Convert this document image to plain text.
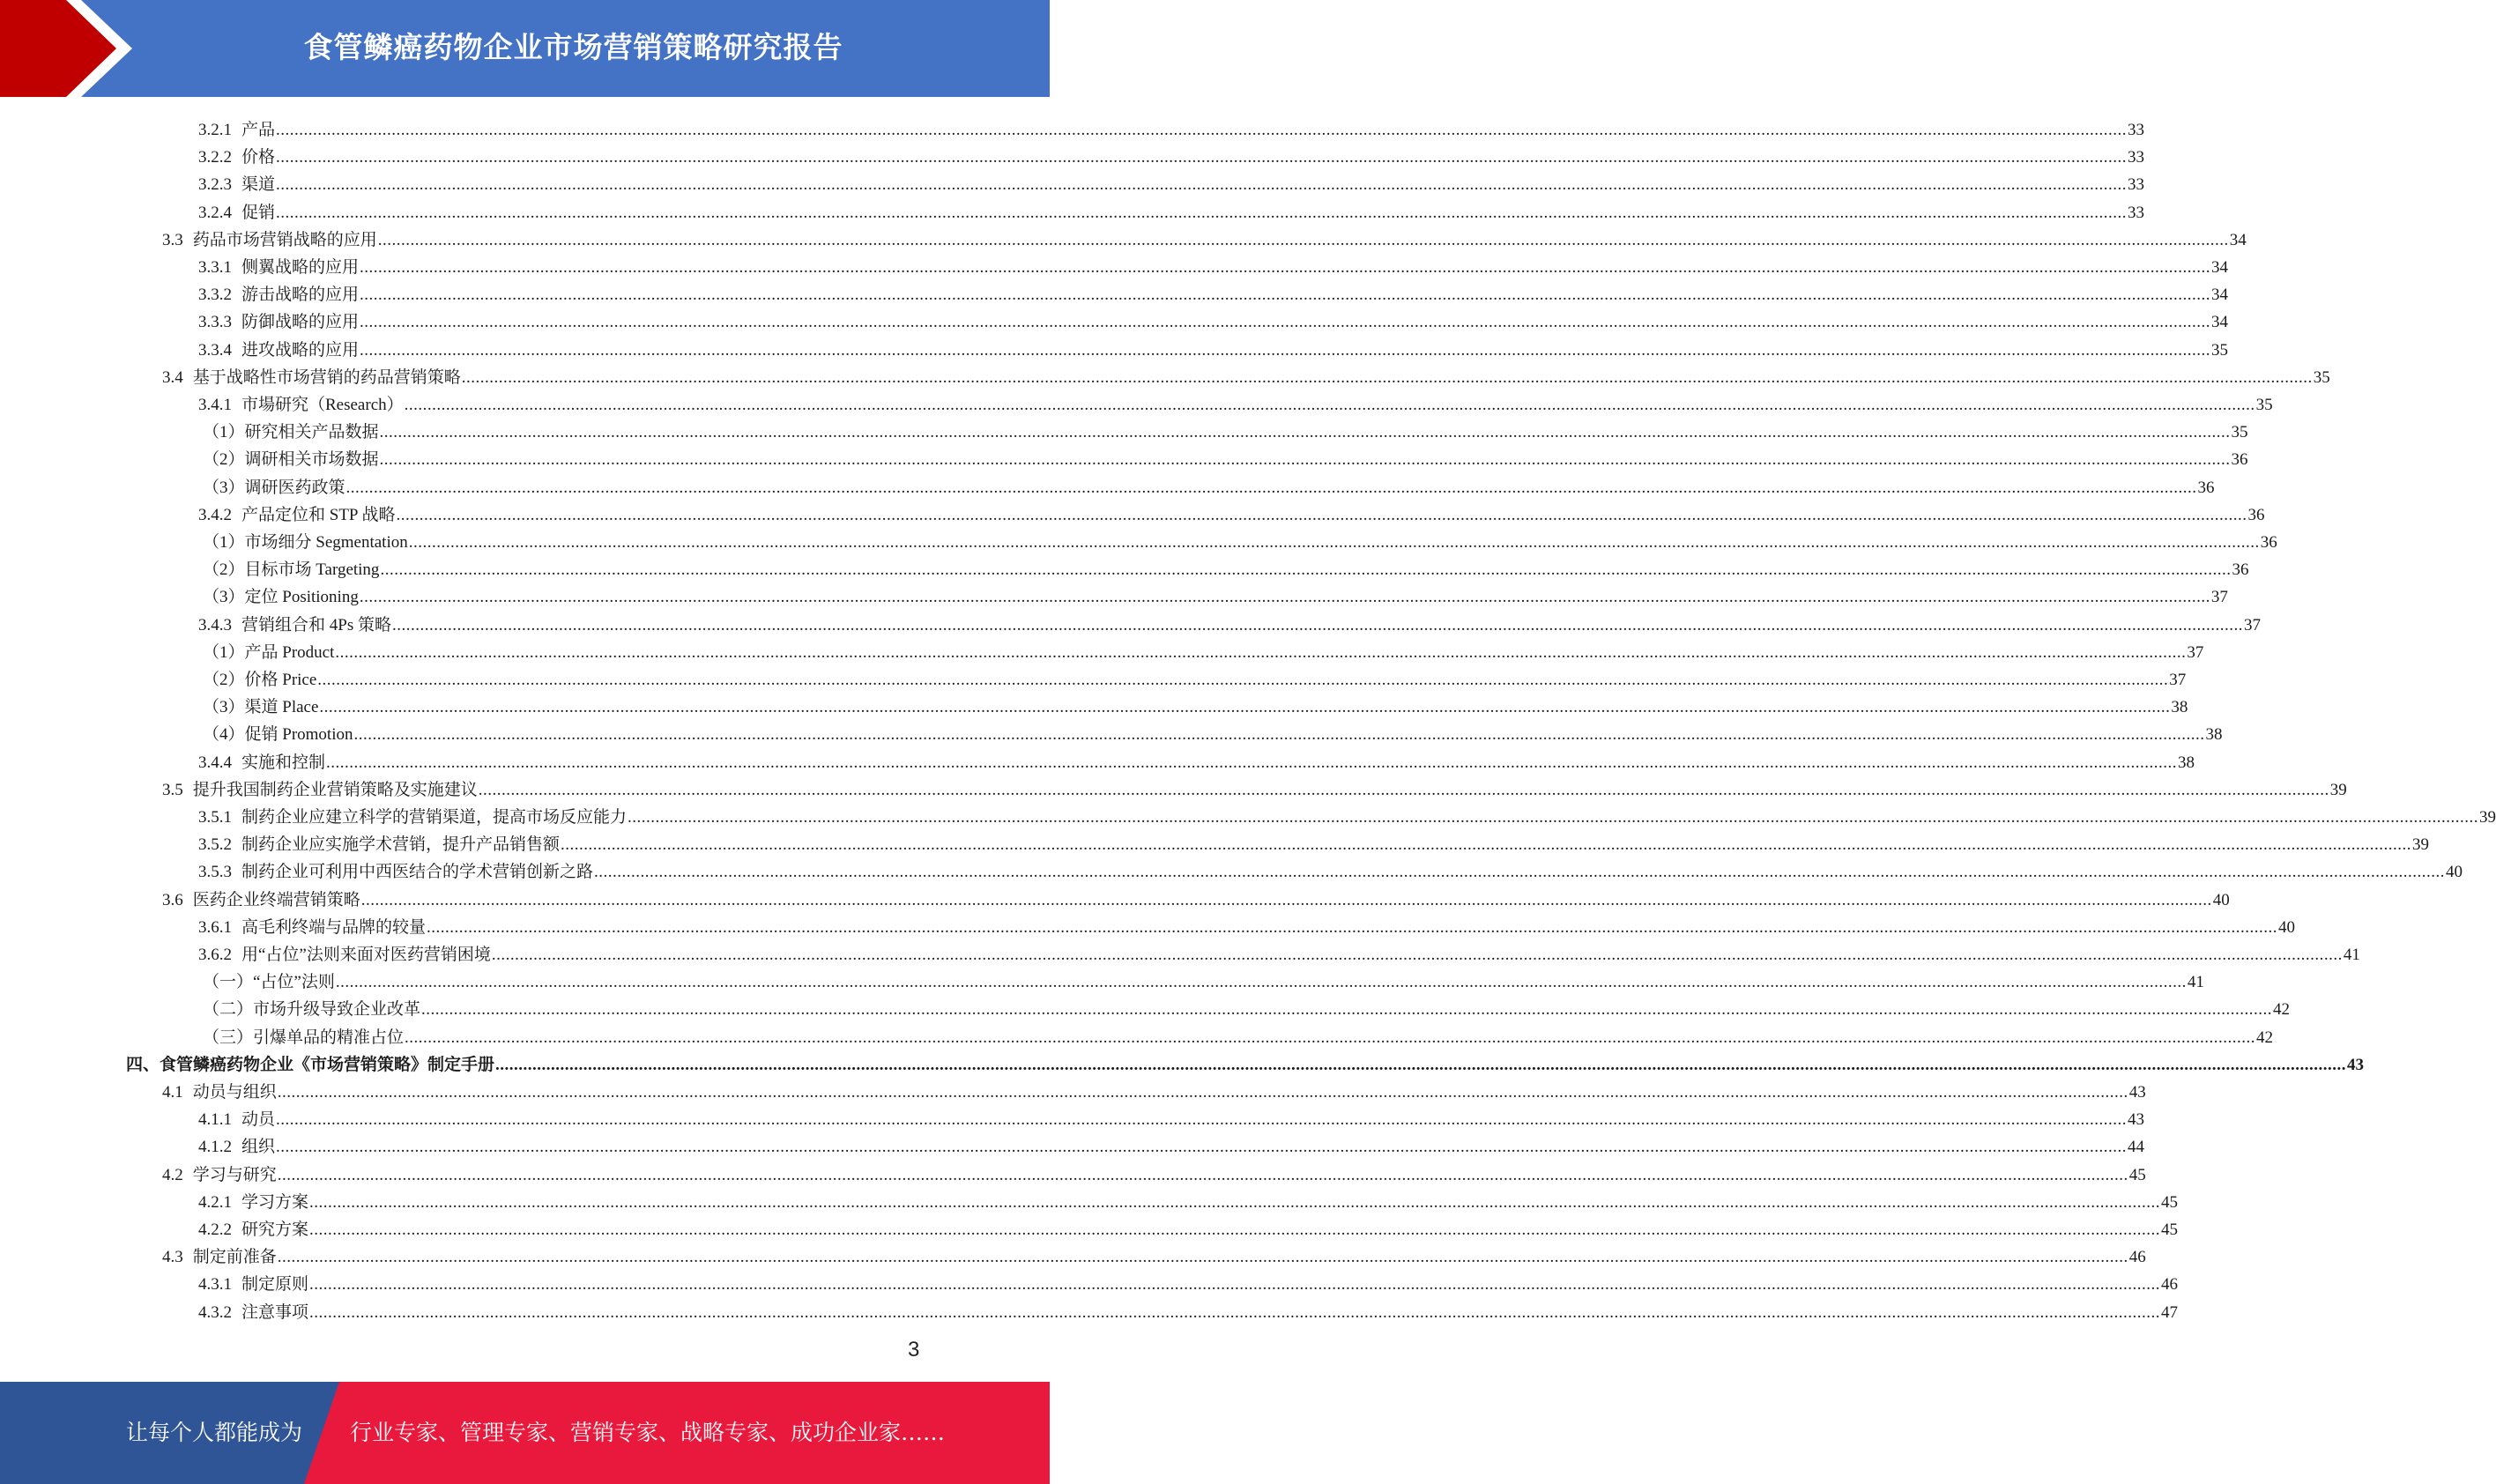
食管鳞癌药物企业市场营销策略研究报告
3.2.1 产品 ................................................................................................................................................................................................................................................................................................................................................................................................................ 33
3.2.2 价格 ................................................................................................................................................................................................................................................................................................................................................................................................................ 33
3.2.3 渠道 ................................................................................................................................................................................................................................................................................................................................................................................................................ 33
3.2.4 促销 ................................................................................................................................................................................................................................................................................................................................................................................................................ 33
3.3 药品市场营销战略的应用 ................................................................................................................................................................................................................................................................................................................................................................................................................ 34
3.3.1 侧翼战略的应用 ................................................................................................................................................................................................................................................................................................................................................................................................................ 34
3.3.2 游击战略的应用 ................................................................................................................................................................................................................................................................................................................................................................................................................ 34
3.3.3 防御战略的应用 ................................................................................................................................................................................................................................................................................................................................................................................................................ 34
3.3.4 进攻战略的应用 ................................................................................................................................................................................................................................................................................................................................................................................................................ 35
3.4 基于战略性市场营销的药品营销策略 ................................................................................................................................................................................................................................................................................................................................................................................................................ 35
3.4.1 市場研究（Research） ................................................................................................................................................................................................................................................................................................................................................................................................................ 35
（1）研究相关产品数据 ................................................................................................................................................................................................................................................................................................................................................................................................................ 35
（2）调研相关市场数据 ................................................................................................................................................................................................................................................................................................................................................................................................................ 36
（3）调研医药政策 ................................................................................................................................................................................................................................................................................................................................................................................................................ 36
3.4.2 产品定位和 STP 战略 ................................................................................................................................................................................................................................................................................................................................................................................................................ 36
（1）市场细分 Segmentation ................................................................................................................................................................................................................................................................................................................................................................................................................ 36
（2）目标市场 Targeting ................................................................................................................................................................................................................................................................................................................................................................................................................ 36
（3）定位 Positioning ................................................................................................................................................................................................................................................................................................................................................................................................................ 37
3.4.3 营销组合和 4Ps 策略 ................................................................................................................................................................................................................................................................................................................................................................................................................ 37
（1）产品 Product ................................................................................................................................................................................................................................................................................................................................................................................................................ 37
（2）价格 Price ................................................................................................................................................................................................................................................................................................................................................................................................................ 37
（3）渠道 Place ................................................................................................................................................................................................................................................................................................................................................................................................................ 38
（4）促销 Promotion ................................................................................................................................................................................................................................................................................................................................................................................................................ 38
3.4.4 实施和控制 ................................................................................................................................................................................................................................................................................................................................................................................................................ 38
3.5 提升我国制药企业营销策略及实施建议 ................................................................................................................................................................................................................................................................................................................................................................................................................ 39
3.5.1 制药企业应建立科学的营销渠道，提高市场反应能力 ................................................................................................................................................................................................................................................................................................................................................................................................................ 39
3.5.2 制药企业应实施学术营销，提升产品销售额 ................................................................................................................................................................................................................................................................................................................................................................................................................ 39
3.5.3 制药企业可利用中西医结合的学术营销创新之路 ................................................................................................................................................................................................................................................................................................................................................................................................................ 40
3.6 医药企业终端营销策略 ................................................................................................................................................................................................................................................................................................................................................................................................................ 40
3.6.1 高毛利终端与品牌的较量 ................................................................................................................................................................................................................................................................................................................................................................................................................ 40
3.6.2 用“占位”法则来面对医药营销困境 ................................................................................................................................................................................................................................................................................................................................................................................................................ 41
（一）“占位”法则 ................................................................................................................................................................................................................................................................................................................................................................................................................ 41
（二）市场升级导致企业改革 ................................................................................................................................................................................................................................................................................................................................................................................................................ 42
（三）引爆单品的精准占位 ................................................................................................................................................................................................................................................................................................................................................................................................................ 42
四、食管鳞癌药物企业《市场营销策略》制定手册 ................................................................................................................................................................................................................................................................................................................................................................................................................ 43
4.1 动员与组织 ................................................................................................................................................................................................................................................................................................................................................................................................................ 43
4.1.1 动员 ................................................................................................................................................................................................................................................................................................................................................................................................................ 43
4.1.2 组织 ................................................................................................................................................................................................................................................................................................................................................................................................................ 44
4.2 学习与研究 ................................................................................................................................................................................................................................................................................................................................................................................................................ 45
4.2.1 学习方案 ................................................................................................................................................................................................................................................................................................................................................................................................................ 45
4.2.2 研究方案 ................................................................................................................................................................................................................................................................................................................................................................................................................ 45
4.3 制定前准备 ................................................................................................................................................................................................................................................................................................................................................................................................................ 46
4.3.1 制定原则 ................................................................................................................................................................................................................................................................................................................................................................................................................ 46
4.3.2 注意事项 ................................................................................................................................................................................................................................................................................................................................................................................................................ 47
3
让每个人都能成为 行业专家、管理专家、营销专家、战略专家、成功企业家……
